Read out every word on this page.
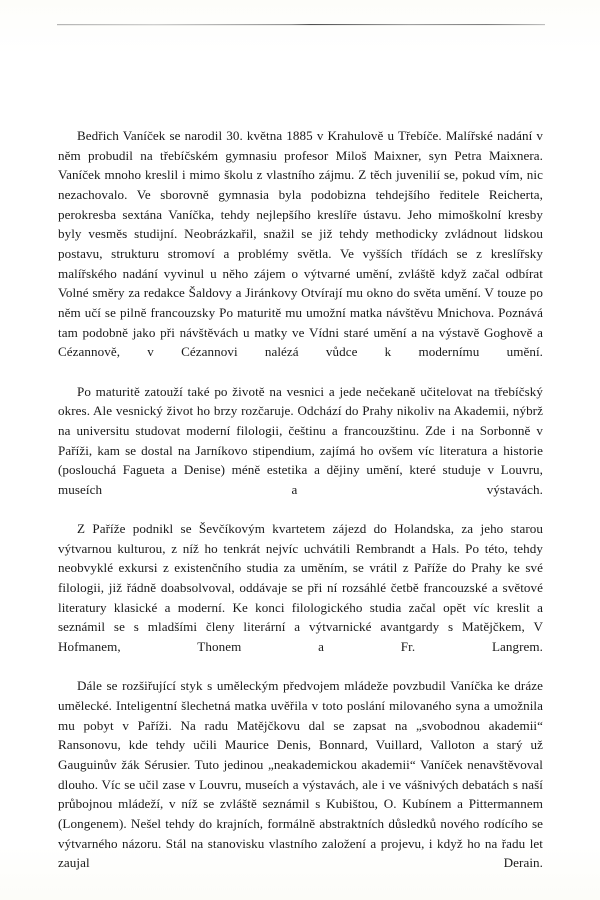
Bedřich Vaníček se narodil 30. května 1885 v Krahulově u Třebíče. Malířské nadání v něm probudil na třebíčském gymnasiu profesor Miloš Maixner, syn Petra Maixnera. Vaníček mnoho kreslil i mimo školu z vlastního zájmu. Z těch juvenilií se, pokud vím, nic nezachovalo. Ve sborovně gymnasia byla podobizna tehdejšího ředitele Reicherta, perokresba sextána Vaníčka, tehdy nejlepšího kreslíře ústavu. Jeho mimoškolní kresby byly vesměs studijní. Neobrázkařil, snažil se již tehdy methodicky zvládnout lidskou postavu, strukturu stromoví a problémy světla. Ve vyšších třídách se z kreslířsky malířského nadání vyvinul u něho zájem o výtvarné umění, zvláště když začal odbírat Volné směry za redakce Šaldovy a Jiránkovy Otvírají mu okno do světa umění. V touze po něm učí se pilně francouzsky Po maturitě mu umožní matka návštěvu Mnichova. Poznává tam podobně jako při návštěvách u matky ve Vídni staré umění a na výstavě Goghově a Cézannově, v Cézannovi nalézá vůdce k modernímu umění.

Po maturitě zatouží také po životě na vesnici a jede nečekaně učitelovat na třebíčský okres. Ale vesnický život ho brzy rozčaruje. Odchází do Prahy nikoliv na Akademii, nýbrž na universitu studovat moderní filologii, češtinu a francouzštinu. Zde i na Sorbonně v Paříži, kam se dostal na Jarníkovo stipendium, zajímá ho ovšem víc literatura a historie (poslouchá Fagueta a Denise) méně estetika a dějiny umění, které studuje v Louvru, museích a výstavách.

Z Paříže podnikl se Ševčíkovým kvartetem zájezd do Holandska, za jeho starou výtvarnou kulturou, z níž ho tenkrát nejvíc uchvátili Rembrandt a Hals. Po této, tehdy neobvyklé exkursi z existenčního studia za uměním, se vrátil z Paříže do Prahy ke své filologii, již řádně doabsolvoval, oddávaje se při ní rozsáhlé četbě francouzské a světové literatury klasické a moderní. Ke konci filologického studia začal opět víc kreslit a seznámil se s mladšími členy literární a výtvarnické avantgardy s Matějčkem, V Hofmanem, Thonem a Fr. Langrem.

Dále se rozšiřující styk s uměleckým předvojem mládeže povzbudil Vaníčka ke dráze umělecké. Inteligentní šlechetná matka uvěřila v toto poslání milovaného syna a umožnila mu pobyt v Paříži. Na radu Matějčkovu dal se zapsat na „svobodnou akademii“ Ransonovu, kde tehdy učili Maurice Denis, Bonnard, Vuillard, Valloton a starý už Gauguinův žák Sérusier. Tuto jedinou „neakademickou akademii“ Vaníček nenavštěvoval dlouho. Víc se učil zase v Louvru, museích a výstavách, ale i ve vášnivých debatách s naší průbojnou mládeží, v níž se zvláště seznámil s Kubištou, O. Kubínem a Pittermannem (Longenem). Nešel tehdy do krajních, formálně abstraktních důsledků nového rodícího se výtvarného názoru. Stál na stanovisku vlastního založení a projevu, i když ho na řadu let zaujal Derain.
